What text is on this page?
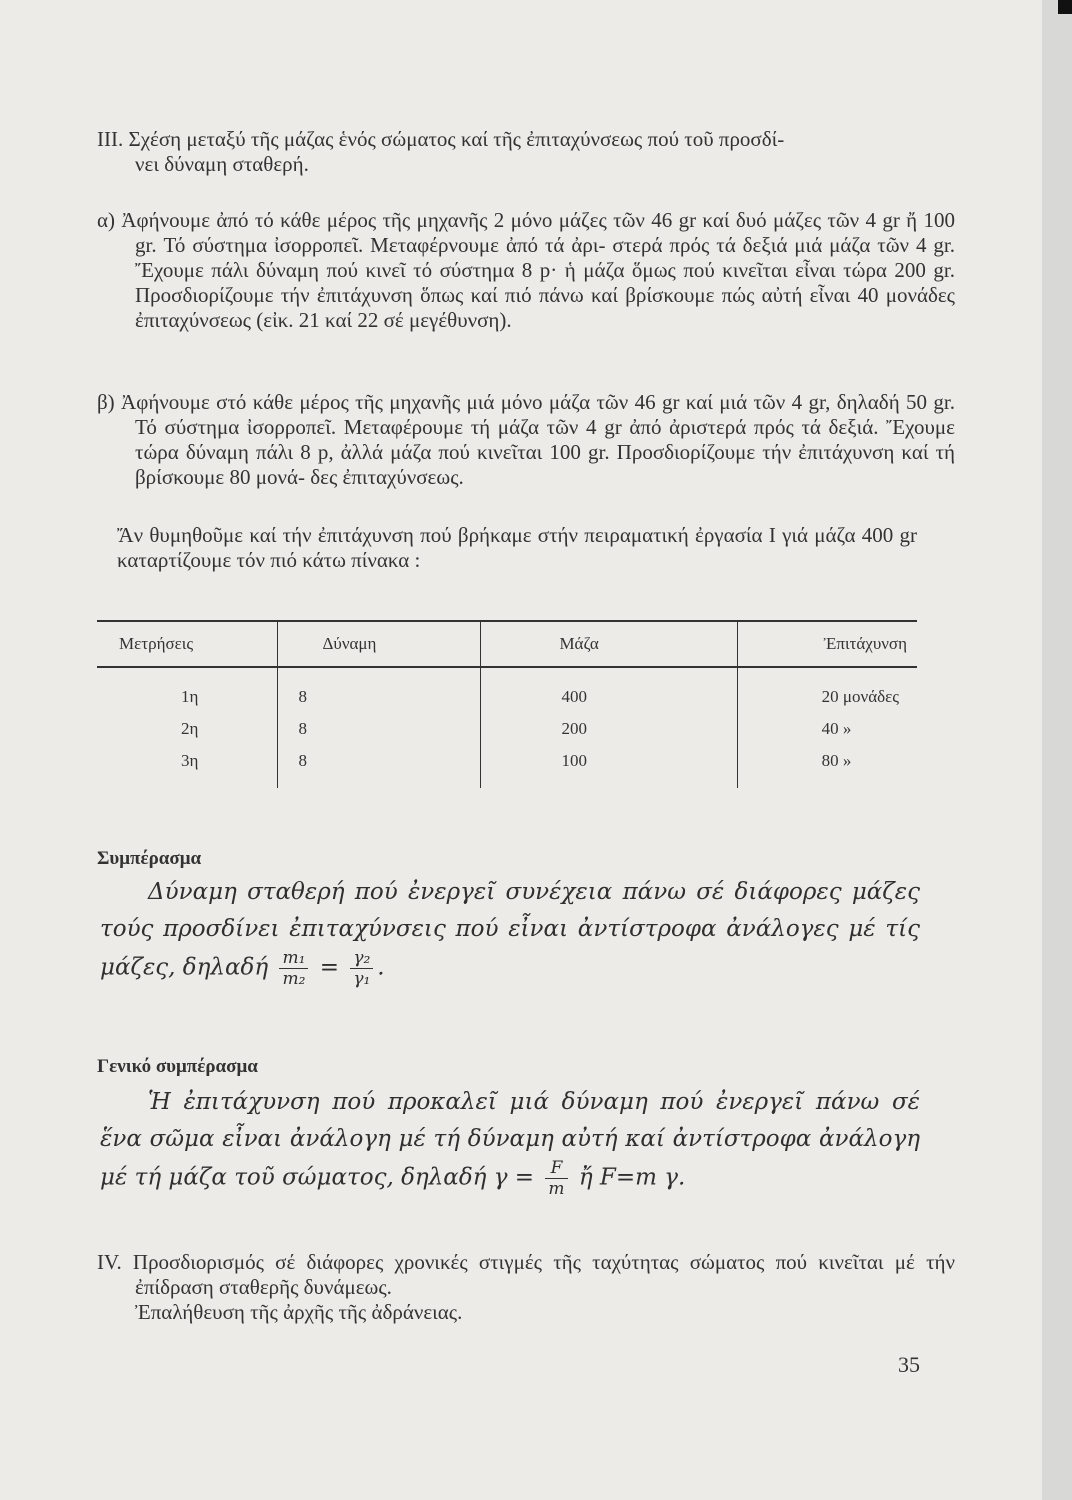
ΙΙΙ. Σχέση μεταξύ τῆς μάζας ἑνός σώματος καί τῆς ἐπιταχύνσεως πού τοῦ προσδί-
νει δύναμη σταθερή.
α) Ἀφήνουμε ἀπό τό κάθε μέρος τῆς μηχανῆς 2 μόνο μάζες τῶν 46 gr καί δυό μάζες τῶν 4 gr ἤ 100 gr. Τό σύστημα ἰσορροπεῖ. Μεταφέρνουμε ἀπό τά ἀρι- στερά πρός τά δεξιά μιά μάζα τῶν 4 gr. Ἔχουμε πάλι δύναμη πού κινεῖ τό σύστημα 8 p· ἡ μάζα ὅμως πού κινεῖται εἶναι τώρα 200 gr. Προσδιορίζουμε τήν ἐπιτάχυνση ὅπως καί πιό πάνω καί βρίσκουμε πώς αὐτή εἶναι 40 μονάδες ἐπιταχύνσεως (εἰκ. 21 καί 22 σέ μεγέθυνση).
β) Ἀφήνουμε στό κάθε μέρος τῆς μηχανῆς μιά μόνο μάζα τῶν 46 gr καί μιά τῶν 4 gr, δηλαδή 50 gr. Τό σύστημα ἰσορροπεῖ. Μεταφέρουμε τή μάζα τῶν 4 gr ἀπό ἀριστερά πρός τά δεξιά. Ἔχουμε τώρα δύναμη πάλι 8 p, ἀλλά μάζα πού κινεῖται 100 gr. Προσδιορίζουμε τήν ἐπιτάχυνση καί τή βρίσκουμε 80 μονά- δες ἐπιταχύνσεως.
Ἄν θυμηθοῦμε καί τήν ἐπιτάχυνση πού βρήκαμε στήν πειραματική ἐργασία Ι γιά μάζα 400 gr καταρτίζουμε τόν πιό κάτω πίνακα :
Μετρήσεις	Δύναμη	Μάζα	Ἐπιτάχυνση
1η	8	400	20 μονάδες
2η	8	200	40 »
3η	8	100	80 »
Συμπέρασμα
Δύναμη σταθερή πού ἐνεργεῖ συνέχεια πάνω σέ διάφορες μάζες τούς προσδίνει ἐπιταχύνσεις πού εἶναι ἀντίστροφα ἀνάλογες μέ τίς μάζες, δηλαδή $\frac{\text{m₁}}{\text{m₂}} = \frac{\text{γ₂}}{\text{γ₁}}$ .
Γενικό συμπέρασμα
Ἡ ἐπιτάχυνση πού προκαλεῖ μιά δύναμη πού ἐνεργεῖ πάνω σέ ἕνα σῶμα εἶναι ἀνάλογη μέ τή δύναμη αὐτή καί ἀντίστροφα ἀνάλογη μέ τή μάζα τοῦ σώματος, δηλαδή $\gamma = \frac{F}{m}$ ἤ F=m γ.
IV. Προσδιορισμός σέ διάφορες χρονικές στιγμές τῆς ταχύτητας σώματος πού κινεῖται μέ τήν ἐπίδραση σταθερῆς δυνάμεως.
Ἐπαλήθευση τῆς ἀρχῆς τῆς ἀδράνειας.
35
